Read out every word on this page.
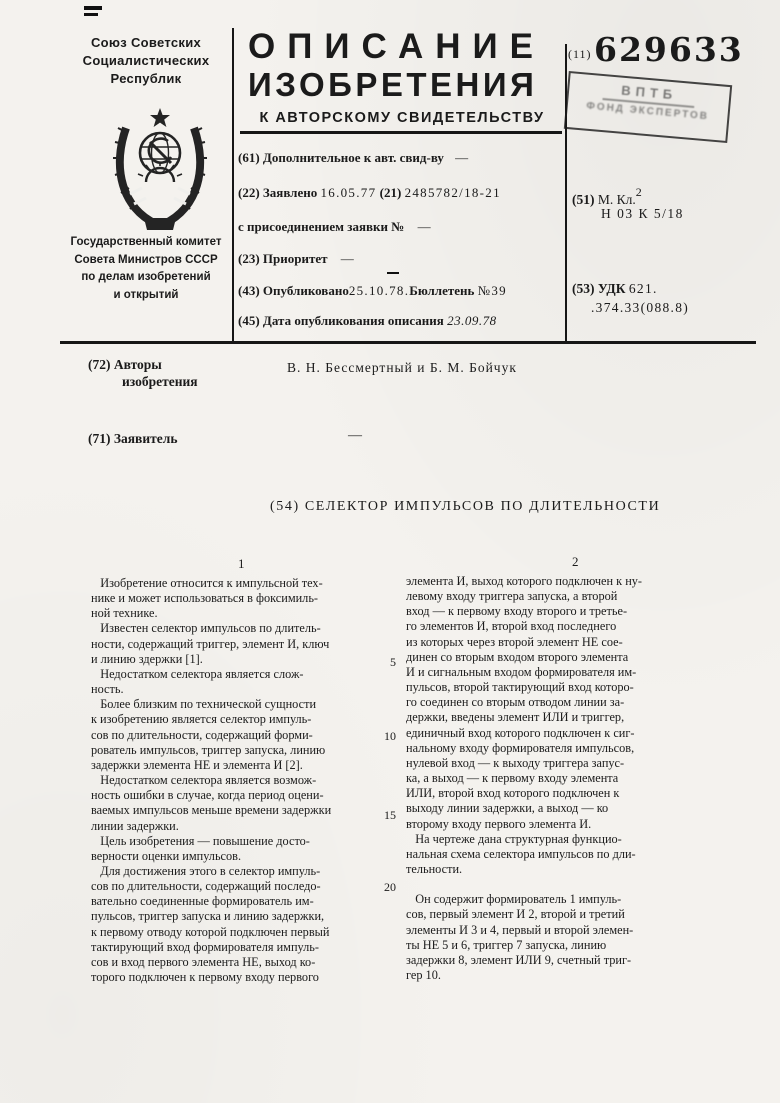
Союз Советских
Социалистических
Республик
Государственный комитет
Совета Министров СССР
по делам изобретений
и открытий
ОПИСАНИЕ
ИЗОБРЕТЕНИЯ
К АВТОРСКОМУ СВИДЕТЕЛЬСТВУ
(11) 629633
ВПТБ
ФОНД ЭКСПЕРТОВ
(61) Дополнительное к авт. свид-ву —
(22) Заявлено 16.05.77 (21) 2485782/18-21
с присоединением заявки № —
(23) Приоритет —
(43) Опубликовано25.10.78.Бюллетень №39
(45) Дата опубликования описания 23.09.78
(51) М. Кл.2
Н 03 К 5/18
(53) УДК 621.
.374.33(088.8)
(72) Авторы
изобретения
В. Н. Бессмертный и Б. М. Бойчук
(71) Заявитель	—
(54) СЕЛЕКТОР ИМПУЛЬСОВ ПО ДЛИТЕЛЬНОСТИ
1	2
Изобретение относится к импульсной тех-
нике и может использоваться в фоксимиль-
ной технике.
Известен селектор импульсов по длитель-
ности, содержащий триггер, элемент И, ключ
и линию здержки [1].
Недостатком селектора является слож-
ность.
Более близким по технической сущности
к изобретению является селектор импуль-
сов по длительности, содержащий форми-
рователь импульсов, триггер запуска, линию
задержки элемента НЕ и элемента И [2].
Недостатком селектора является возмож-
ность ошибки в случае, когда период оцени-
ваемых импульсов меньше времени задержки
линии задержки.
Цель изобретения — повышение досто-
верности оценки импульсов.
Для достижения этого в селектор импуль-
сов по длительности, содержащий последо-
вательно соединенные формирователь им-
пульсов, триггер запуска и линию задержки,
к первому отводу которой подключен первый
тактирующий вход формирователя импуль-
сов и вход первого элемента НЕ, выход ко-
торого подключен к первому входу первого
элемента И, выход которого подключен к ну-
левому входу триггера запуска, а второй
вход — к первому входу второго и третье-
го элементов И, второй вход последнего
из которых через второй элемент НЕ сое-
динен со вторым входом второго элемента
И и сигнальным входом формирователя им-
пульсов, второй тактирующий вход которо-
го соединен со вторым отводом линии за-
держки, введены элемент ИЛИ и триггер,
единичный вход которого подключен к сиг-
нальному входу формирователя импульсов,
нулевой вход — к выходу триггера запус-
ка, а выход — к первому входу элемента
ИЛИ, второй вход которого подключен к
выходу линии задержки, а выход — ко
второму входу первого элемента И.
На чертеже дана структурная функцио-
нальная схема селектора импульсов по дли-
тельности.

Он содержит формирователь 1 импуль-
сов, первый элемент И 2, второй и третий
элементы И 3 и 4, первый и второй элемен-
ты НЕ 5 и 6, триггер 7 запуска, линию
задержки 8, элемент ИЛИ 9, счетный триг-
гер 10.
5
10
15
20
